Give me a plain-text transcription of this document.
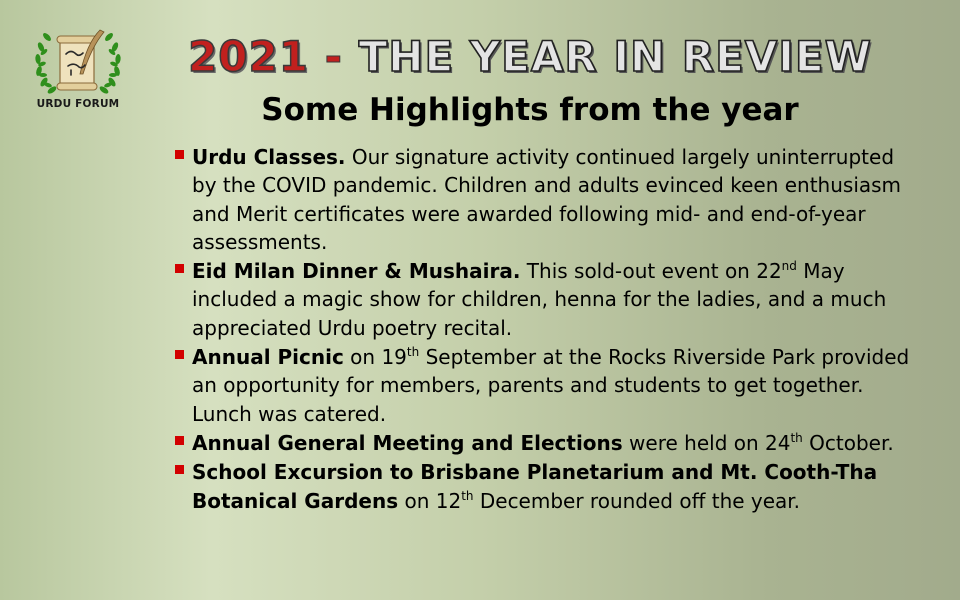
URDU FORUM
2021 - THE YEAR IN REVIEW
Some Highlights from the year
Urdu Classes. Our signature activity continued largely uninterrupted by the COVID pandemic. Children and adults evinced keen enthusiasm and Merit certificates were awarded following mid- and end-of-year assessments.
Eid Milan Dinner & Mushaira. This sold-out event on 22nd May included a magic show for children, henna for the ladies, and a much appreciated Urdu poetry recital.
Annual Picnic on 19th September at the Rocks Riverside Park provided an opportunity for members, parents and students to get together. Lunch was catered.
Annual General Meeting and Elections were held on 24th October.
School Excursion to Brisbane Planetarium and Mt. Cooth-Tha Botanical Gardens on 12th December rounded off the year.
